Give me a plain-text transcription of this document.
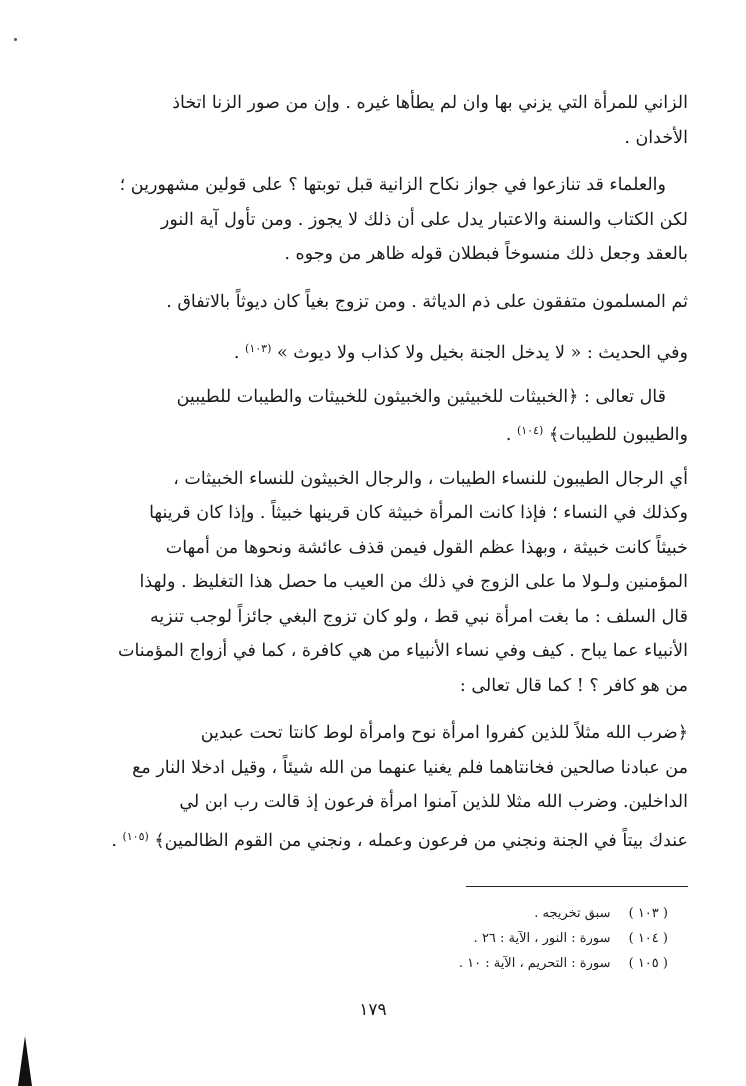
الزاني للمرأة التي يزني بها وان لم يطأها غيره . وإن من صور الزنا اتخاذ
الأخدان .
والعلماء قد تنازعوا في جواز نكاح الزانية قبل توبتها ؟ على قولين مشهورين ؛
لكن الكتاب والسنة والاعتبار يدل على أن ذلك لا يجوز . ومن تأول آية النور
بالعقد وجعل ذلك منسوخاً فبطلان قوله ظاهر من وجوه .
ثم المسلمون متفقون على ذم الدياثة . ومن تزوج بغياً كان ديوثاً بالاتفاق .
وفي الحديث : « لا يدخل الجنة بخيل ولا كذاب ولا ديوث » $^{(١٠٣)}$ .
قال تعالى : ﴿الخبيثات للخبيثين والخبيثون للخبيثات والطيبات للطيبين
والطيبون للطيبات﴾ $^{(١٠٤)}$ .
أي الرجال الطيبون للنساء الطيبات ، والرجال الخبيثون للنساء الخبيثات ،
وكذلك في النساء ؛ فإذا كانت المرأة خبيثة كان قرينها خبيثاً . وإذا كان قرينها
خبيثاً كانت خبيثة ، وبهذا عظم القول فيمن قذف عائشة ونحوها من أمهات
المؤمنين ولـولا ما على الزوج في ذلك من العيب ما حصل هذا التغليظ . ولهذا
قال السلف : ما بغت امرأة نبي قط ، ولو كان تزوج البغي جائزاً لوجب تنزيه
الأنبياء عما يباح . كيف وفي نساء الأنبياء من هي كافرة ، كما في أزواج المؤمنات
من هو كافر ؟ ! كما قال تعالى :
﴿ضرب الله مثلاً للذين كفروا امرأة نوح وامرأة لوط كانتا تحت عبدين
من عبادنا صالحين فخانتاهما فلم يغنيا عنهما من الله شيئاً ، وقيل ادخلا النار مع
الداخلين. وضرب الله مثلا للذين آمنوا امرأة فرعون إذ قالت رب ابن لي
عندك بيتاً في الجنة ونجني من فرعون وعمله ، ونجني من القوم الظالمين﴾ $^{(١٠٥)}$ .
( ١٠٣ ) سبق تخريجه .
( ١٠٤ ) سورة : النور ، الآية : ٢٦ .
( ١٠٥ ) سورة : التحريم ، الآية : ١٠ .
١٧٩
